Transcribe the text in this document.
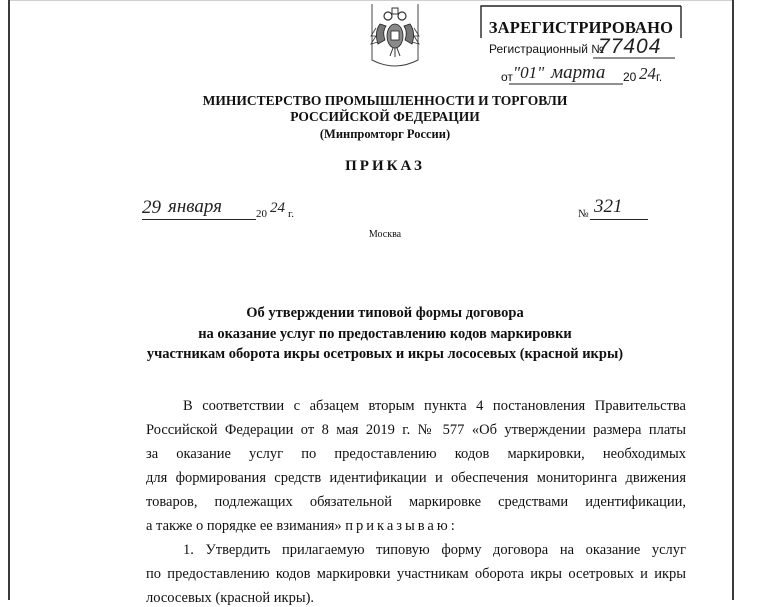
ЗАРЕГИСТРИРОВАНО
Регистрационный №
77404
от "01" марта 20 24 г.
МИНИСТЕРСТВО ПРОМЫШЛЕННОСТИ И ТОРГОВЛИ
РОССИЙСКОЙ ФЕДЕРАЦИИ
(Минпромторг России)
ПРИКАЗ
29 января	20 24 г.	№ 321
Москва
Об утверждении типовой формы договора
на оказание услуг по предоставлению кодов маркировки
участникам оборота икры осетровых и икры лососевых (красной икры)
В соответствии с абзацем вторым пункта 4 постановления Правительства
Российской Федерации от 8 мая 2019 г. № 577 «Об утверждении размера платы
за оказание услуг по предоставлению кодов маркировки, необходимых
для формирования средств идентификации и обеспечения мониторинга движения
товаров, подлежащих обязательной маркировке средствами идентификации,
а также о порядке ее взимания» приказываю:
1. Утвердить прилагаемую типовую форму договора на оказание услуг
по предоставлению кодов маркировки участникам оборота икры осетровых и икры
лососевых (красной икры).
